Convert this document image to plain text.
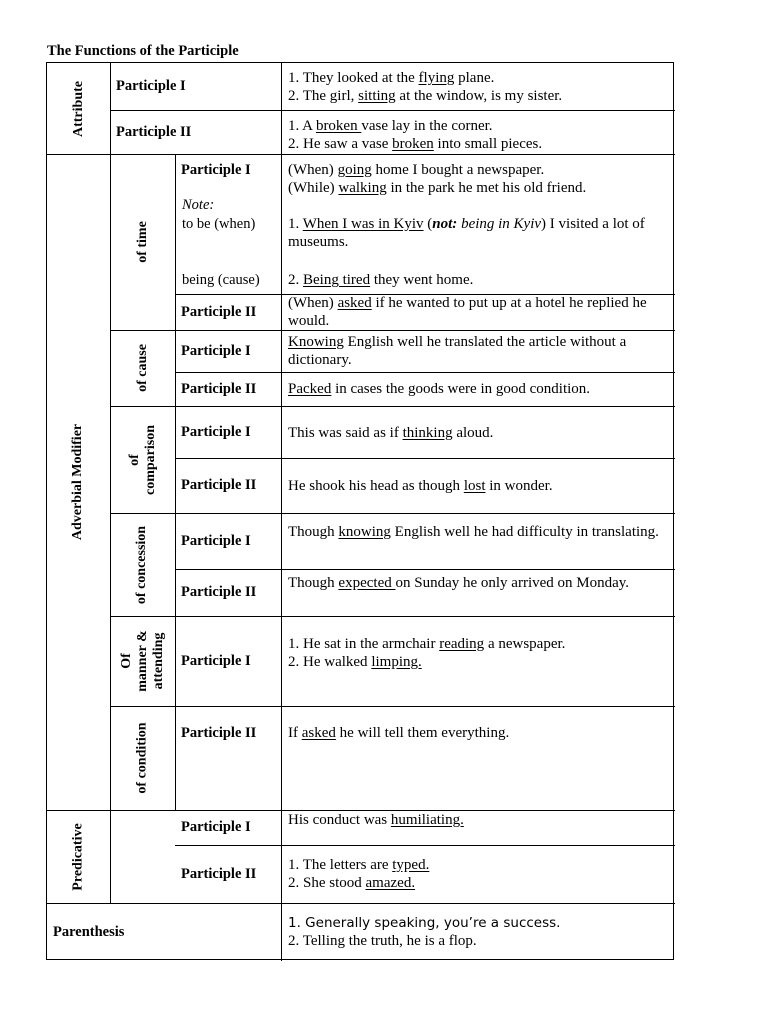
The Functions of the Participle
Attribute
Adverbial Modifier
Predicative
Parenthesis
of time
of cause
of
comparison
of concession
Of
manner &
attending
of condition
Participle I
Participle II
Participle I
Note:
to be (when)
being (cause)
Participle II
Participle I
Participle II
Participle I
Participle II
Participle I
Participle II
Participle I
Participle II
Participle I
Participle II

1. They looked at the flying plane.

2. The girl, sitting at the window, is my sister.

1. A broken vase lay in the corner.

2. He saw a vase broken into small pieces.

(When) going home I bought a newspaper.

(While) walking in the park he met his old friend.

1. When I was in Kyiv (not: being in Kyiv) I visited a lot of museums.

2. Being tired they went home.

(When) asked if he wanted to put up at a hotel he replied he would.

Knowing English well he translated the article without a dictionary.

Packed in cases the goods were in good condition.

This was said as if thinking aloud.

He shook his head as though lost in wonder.

Though knowing English well he had difficulty in translating.

Though expected on Sunday he only arrived on Monday.

1. He sat in the armchair reading a newspaper.

2. He walked limping.

If asked he will tell them everything.

His conduct was humiliating.

1. The letters are typed.

2. She stood amazed.

1. Generally speaking, you’re a success.

2. Telling the truth, he is a flop.
